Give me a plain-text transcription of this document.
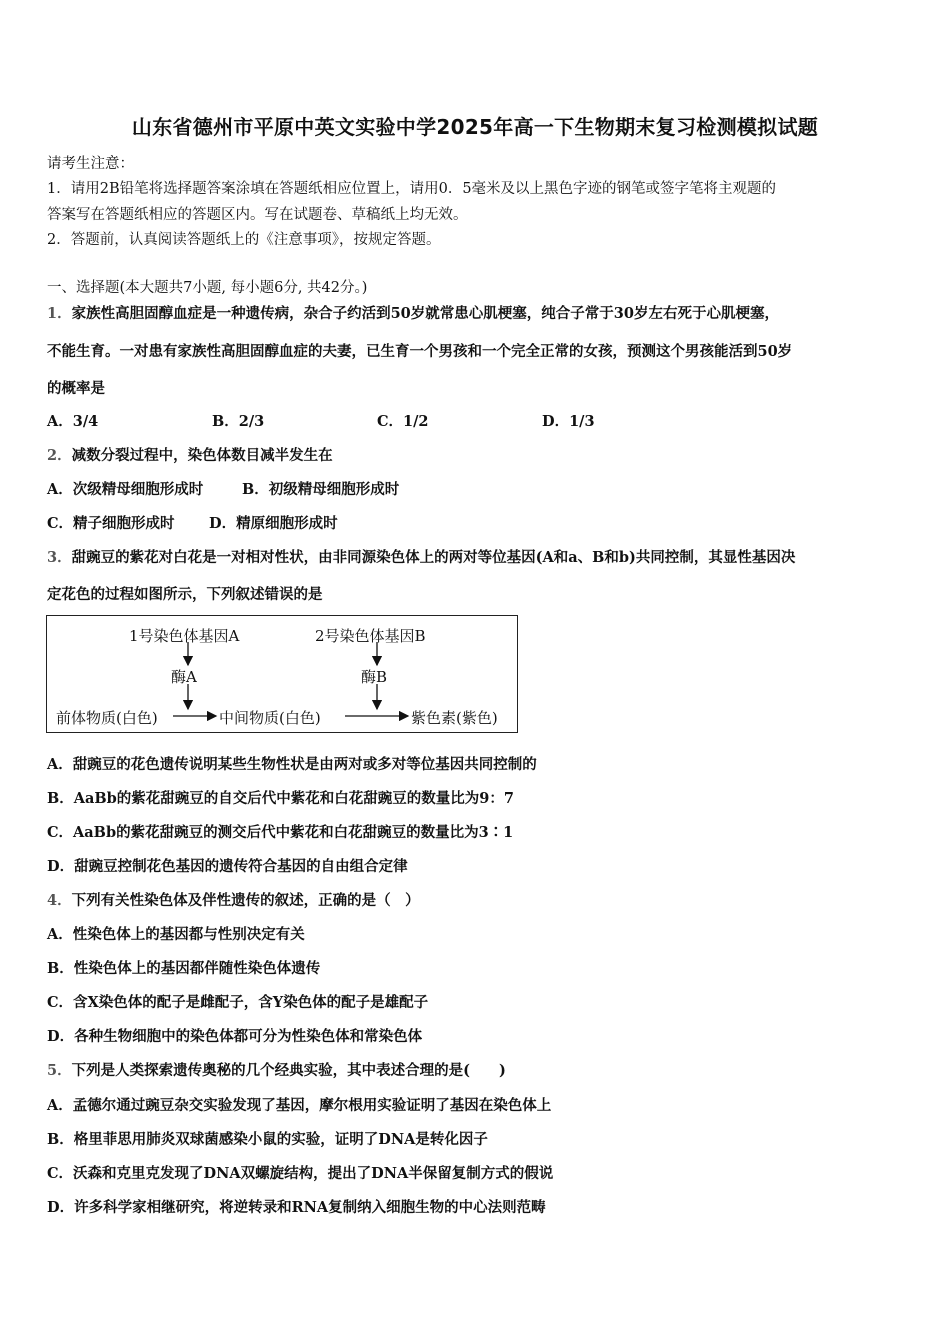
山东省德州市平原中英文实验中学2025年高一下生物期末复习检测模拟试题
请考生注意：
1．请用2B铅笔将选择题答案涂填在答题纸相应位置上，请用0．5毫米及以上黑色字迹的钢笔或签字笔将主观题的
答案写在答题纸相应的答题区内。写在试题卷、草稿纸上均无效。
2．答题前，认真阅读答题纸上的《注意事项》，按规定答题。
一、选择题(本大题共7小题, 每小题6分, 共42分。)
1．家族性高胆固醇血症是一种遗传病，杂合子约活到50岁就常患心肌梗塞，纯合子常于30岁左右死于心肌梗塞，
不能生育。一对患有家族性高胆固醇血症的夫妻，已生育一个男孩和一个完全正常的女孩，预测这个男孩能活到50岁
的概率是
A．3/4	B．2/3	C．1/2	D．1/3
2．减数分裂过程中，染色体数目减半发生在
A．次级精母细胞形成时	B．初级精母细胞形成时
C．精子细胞形成时 D．精原细胞形成时
3．甜豌豆的紫花对白花是一对相对性状，由非同源染色体上的两对等位基因(A和a、B和b)共同控制，其显性基因决
定花色的过程如图所示，下列叙述错误的是
1号染色体基因A	2号染色体基因B
酶A	酶B
前体物质(白色)	中间物质(白色)	紫色素(紫色)
A．甜豌豆的花色遗传说明某些生物性状是由两对或多对等位基因共同控制的
B．AaBb的紫花甜豌豆的自交后代中紫花和白花甜豌豆的数量比为9：7
C．AaBb的紫花甜豌豆的测交后代中紫花和白花甜豌豆的数量比为3∶1
D．甜豌豆控制花色基因的遗传符合基因的自由组合定律
4．下列有关性染色体及伴性遗传的叙述，正确的是（　）
A．性染色体上的基因都与性别决定有关
B．性染色体上的基因都伴随性染色体遗传
C．含X染色体的配子是雌配子，含Y染色体的配子是雄配子
D．各种生物细胞中的染色体都可分为性染色体和常染色体
5．下列是人类探索遗传奥秘的几个经典实验，其中表述合理的是(　　)
A．孟德尔通过豌豆杂交实验发现了基因，摩尔根用实验证明了基因在染色体上
B．格里菲思用肺炎双球菌感染小鼠的实验，证明了DNA是转化因子
C．沃森和克里克发现了DNA双螺旋结构，提出了DNA半保留复制方式的假说
D．许多科学家相继研究，将逆转录和RNA复制纳入细胞生物的中心法则范畴
